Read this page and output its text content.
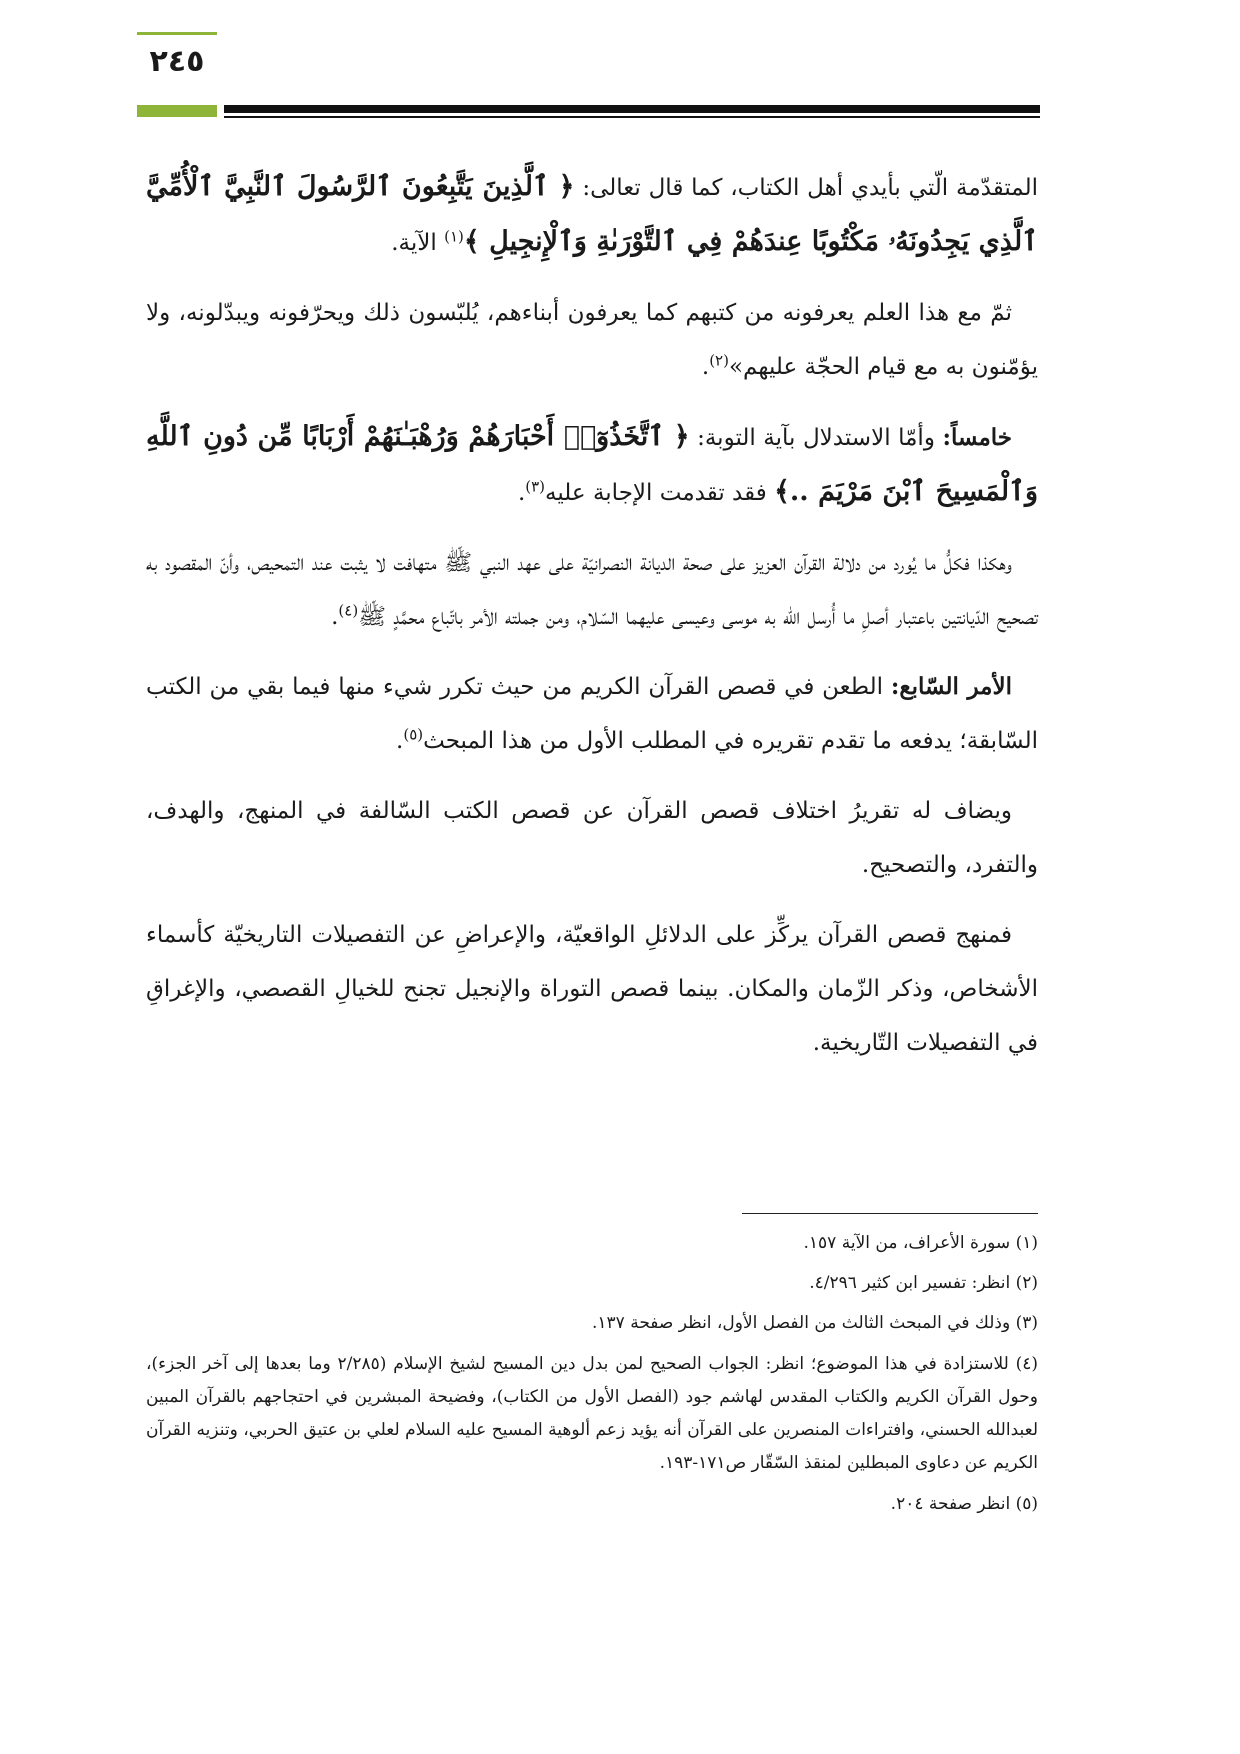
٢٤٥

المتقدّمة الّتي بأيدي أهل الكتاب، كما قال تعالى: ﴿ ٱلَّذِينَ يَتَّبِعُونَ ٱلرَّسُولَ ٱلنَّبِيَّ ٱلْأُمِّيَّ ٱلَّذِي يَجِدُونَهُۥ مَكْتُوبًا عِندَهُمْ فِي ٱلتَّوْرَىٰةِ وَٱلْإِنجِيلِ ﴾$^{(١)}$ الآية.

ثمّ مع هذا العلم يعرفونه من كتبهم كما يعرفون أبناءهم، يُلبّسون ذلك ويحرّفونه ويبدّلونه، ولا يؤمّنون به مع قيام الحجّة عليهم»$^{(٢)}$.

خامساً: وأمّا الاستدلال بآية التوبة: ﴿ ٱتَّخَذُوٓا۟ أَحْبَارَهُمْ وَرُهْبَـٰنَهُمْ أَرْبَابًا مِّن دُونِ ٱللَّهِ وَٱلْمَسِيحَ ٱبْنَ مَرْيَمَ ..﴾ فقد تقدمت الإجابة عليه$^{(٣)}$.

وهكذا فكلُّ ما يُورد من دلالة القرآن العزيز على صحة الديانة النصرانيّة على عهد النبي ﷺ متهافت لا يثبت عند التمحيص، وأنّ المقصود به تصحيح الدّيانتين باعتبار أصلِ ما أُرسل الله به موسى وعيسى عليهما السّلام، ومن جملته الأمر باتّباع محمَّدٍ ﷺ$^{(٤)}$.

الأمر السّابع: الطعن في قصص القرآن الكريم من حيث تكرر شيء منها فيما بقي من الكتب السّابقة؛ يدفعه ما تقدم تقريره في المطلب الأول من هذا المبحث$^{(٥)}$.

ويضاف له تقريرُ اختلاف قصص القرآن عن قصص الكتب السّالفة في المنهج، والهدف، والتفرد، والتصحيح.

فمنهج قصص القرآن يركِّز على الدلائلِ الواقعيّة، والإعراضِ عن التفصيلات التاريخيّة كأسماء الأشخاص، وذكر الزّمان والمكان. بينما قصص التوراة والإنجيل تجنح للخيالِ القصصي، والإغراقِ في التفصيلات التّاريخية.

(١) سورة الأعراف، من الآية ١٥٧.

(٢) انظر: تفسير ابن كثير ٤/٢٩٦.

(٣) وذلك في المبحث الثالث من الفصل الأول، انظر صفحة ١٣٧.

(٤) للاستزادة في هذا الموضوع؛ انظر: الجواب الصحيح لمن بدل دين المسيح لشيخ الإسلام (٢/٢٨٥ وما بعدها إلى آخر الجزء)، وحول القرآن الكريم والكتاب المقدس لهاشم جود (الفصل الأول من الكتاب)، وفضيحة المبشرين في احتجاجهم بالقرآن المبين لعبدالله الحسني، وافتراءات المنصرين على القرآن أنه يؤيد زعم ألوهية المسيح عليه السلام لعلي بن عتيق الحربي، وتنزيه القرآن الكريم عن دعاوى المبطلين لمنقذ السّقّار ص١٧١-١٩٣.

(٥) انظر صفحة ٢٠٤.
